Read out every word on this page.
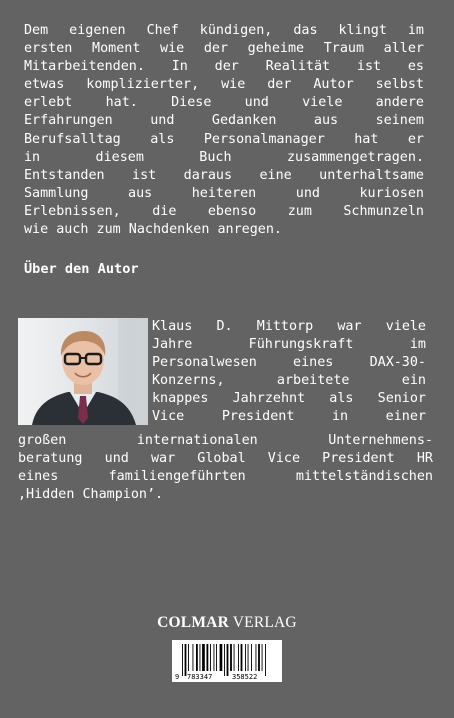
Dem eigenen Chef kündigen, das klingt im
ersten Moment wie der geheime Traum aller
Mitarbeitenden. In der Realität ist es
etwas komplizierter, wie der Autor selbst
erlebt hat. Diese und viele andere
Erfahrungen und Gedanken aus seinem
Berufsalltag als Personalmanager hat er
in diesem Buch zusammengetragen.
Entstanden ist daraus eine unterhaltsame
Sammlung aus heiteren und kuriosen
Erlebnissen, die ebenso zum Schmunzeln
wie auch zum Nachdenken anregen.
Über den Autor
Klaus D. Mittorp war viele
Jahre Führungskraft im
Personalwesen eines DAX-30-
Konzerns, arbeitete ein
knappes Jahrzehnt als Senior
Vice President in einer
großen internationalen Unternehmens-
beratung und war Global Vice President HR
eines familiengeführten mittelständischen
‚Hidden Champion’.
COLMAR VERLAG
9 783347	358522
